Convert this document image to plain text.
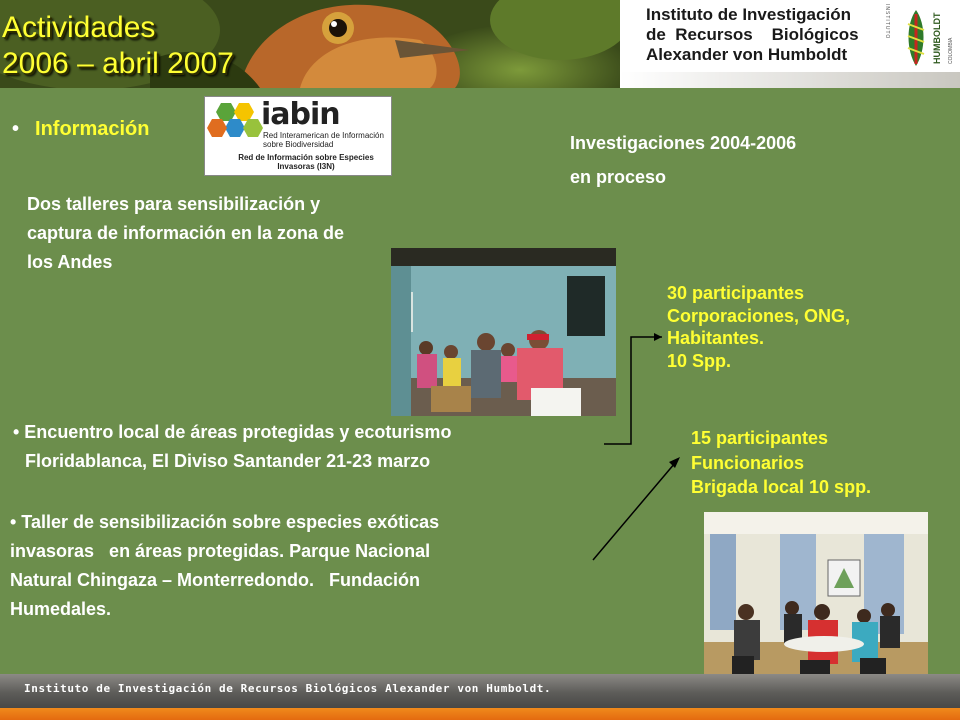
Actividades
2006 – abril 2007
Instituto de Investigación
de  Recursos    Biológicos
Alexander von Humboldt
INSTITUTO	HUMBOLDT COLOMBIA
• Información	iabin
Red Interamerican de Información sobre Biodiversidad
Red de Información sobre Especies Invasoras (I3N)
Investigaciones 2004-2006
en proceso
Dos talleres para sensibilización y
captura de información en la zona de
los Andes
30 participantes
Corporaciones, ONG,
Habitantes.
10 Spp.
• Encuentro local de áreas protegidas y ecoturismo
Floridablanca, El Diviso Santander 21-23 marzo
15 participantes
Funcionarios
Brigada local 10 spp.
• Taller de sensibilización sobre especies exóticas
invasoras   en áreas protegidas. Parque Nacional
Natural Chingaza – Monterredondo.   Fundación
Humedales.
Instituto de Investigación de Recursos Biológicos Alexander von Humboldt.
